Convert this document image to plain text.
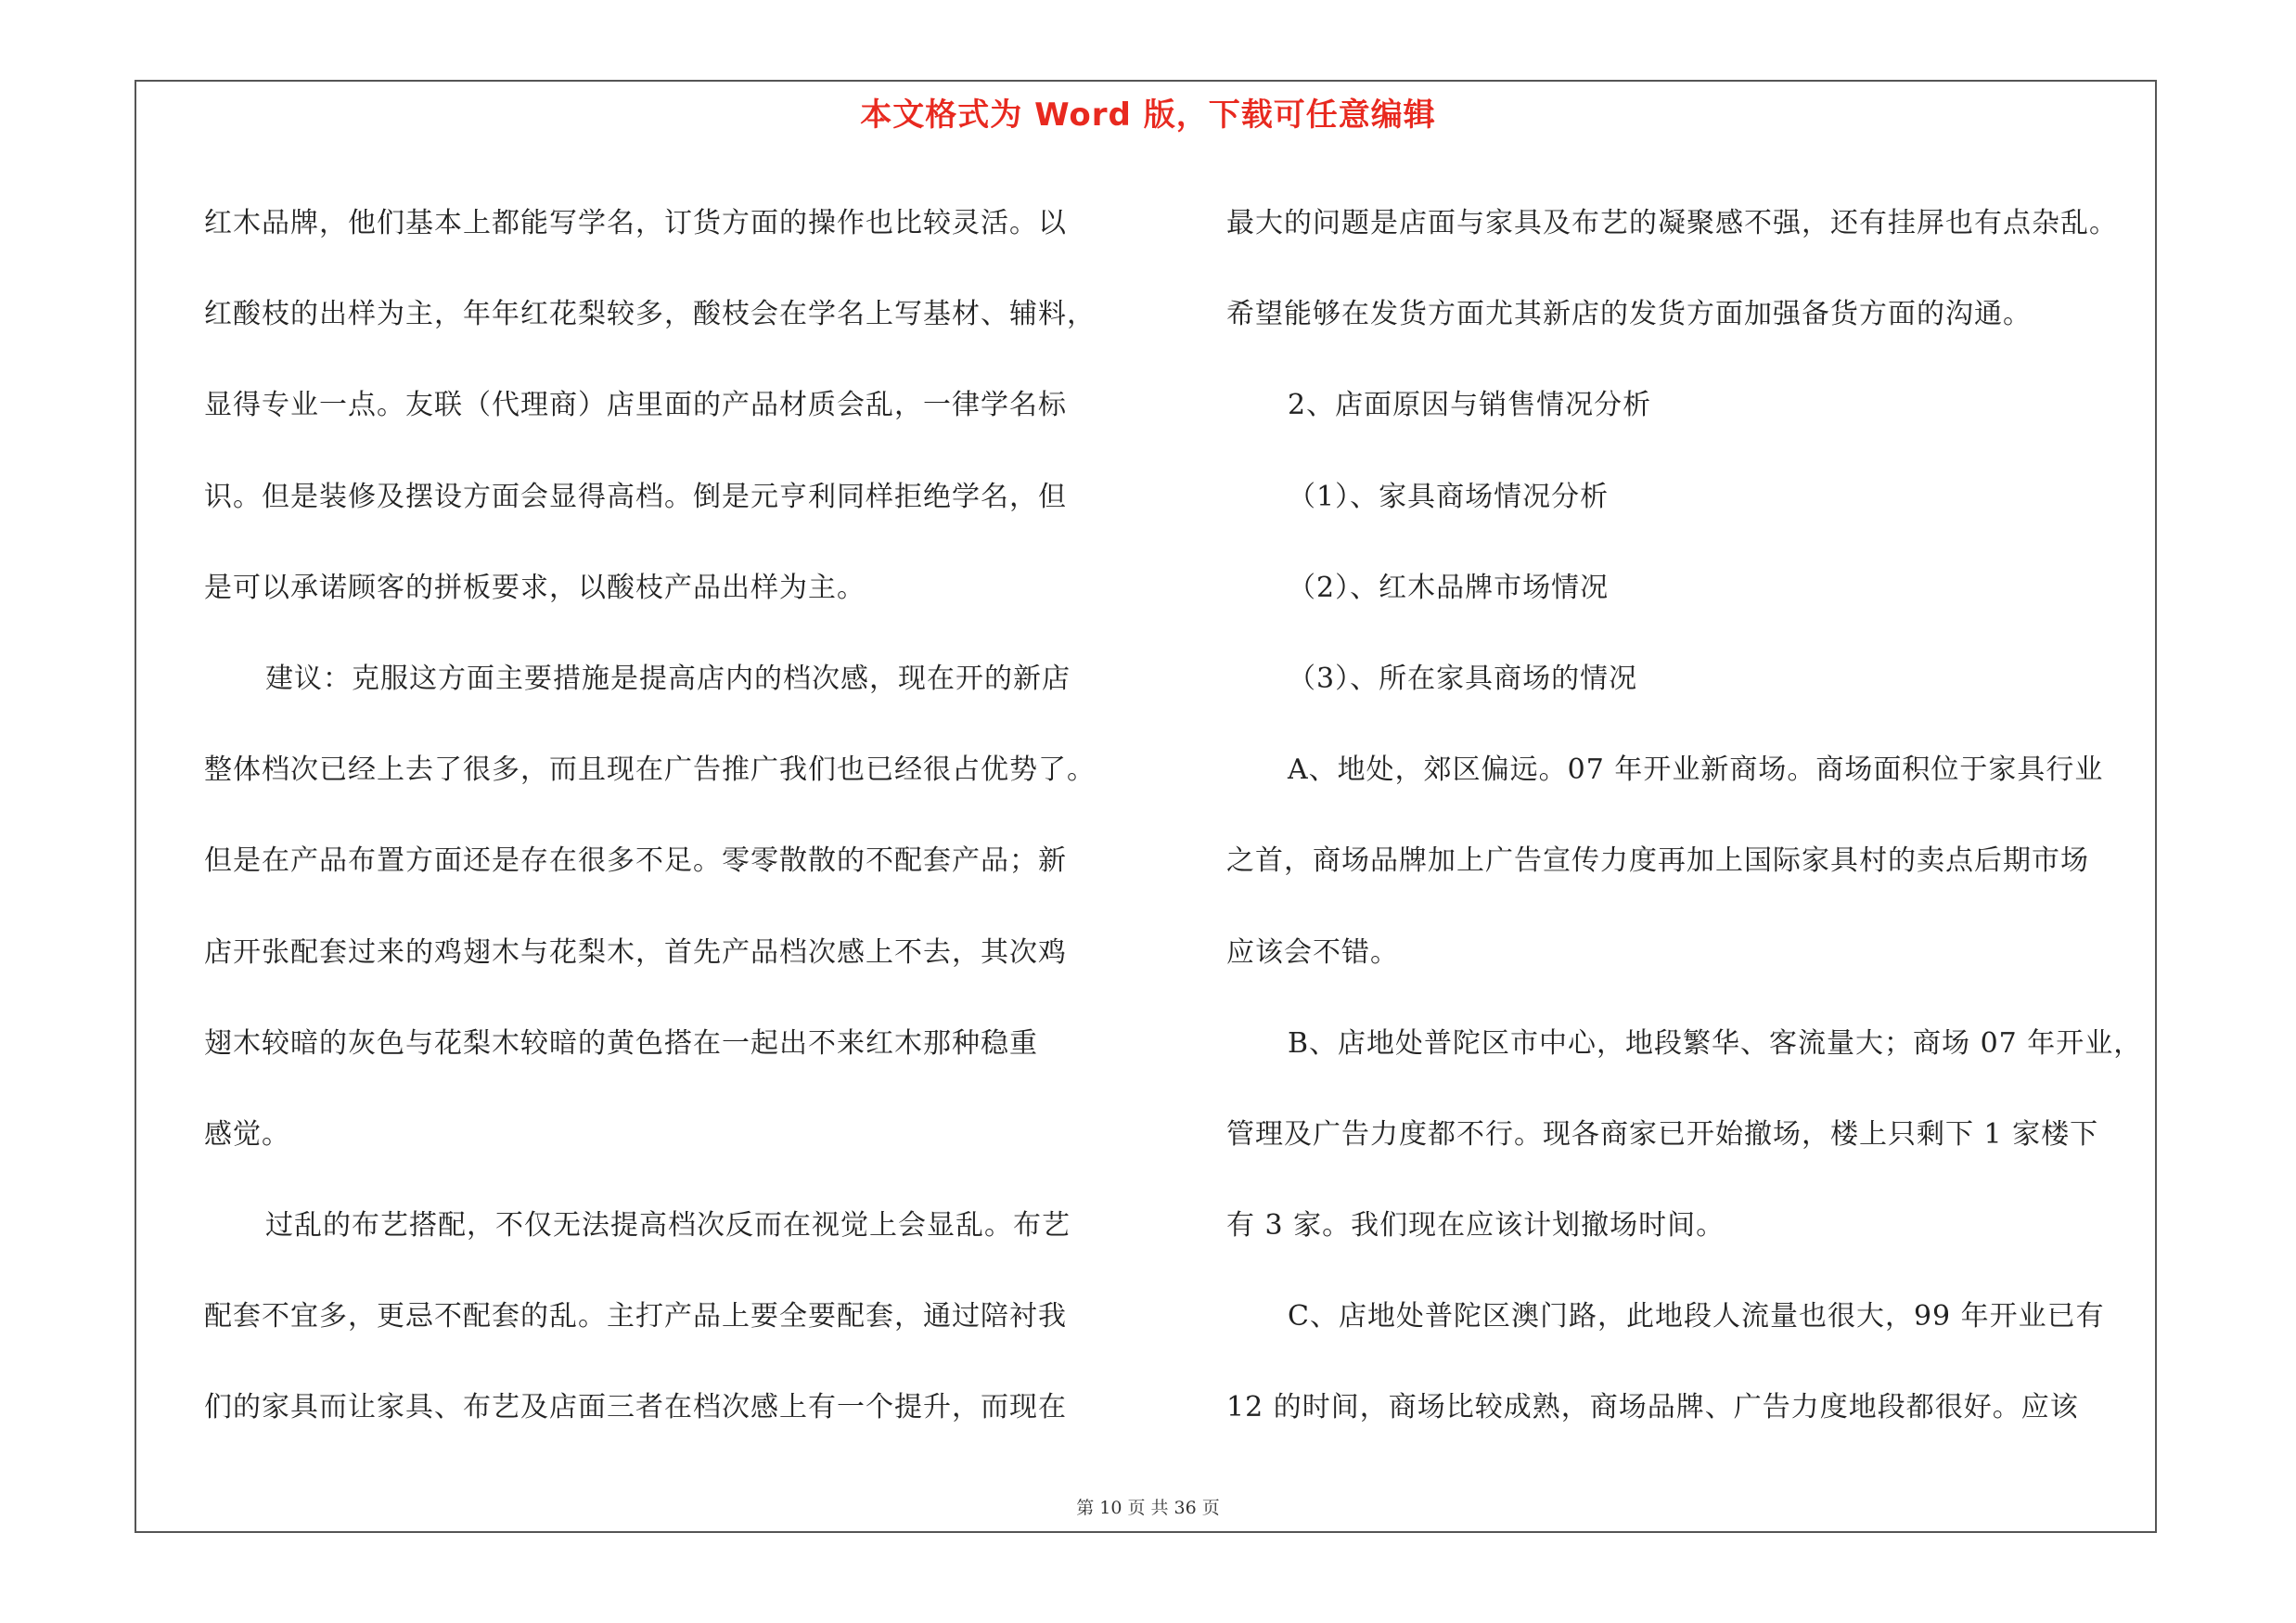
本文格式为 Word 版，下载可任意编辑
红木品牌，他们基本上都能写学名，订货方面的操作也比较灵活。以
红酸枝的出样为主，年年红花梨较多，酸枝会在学名上写基材、辅料，
显得专业一点。友联（代理商）店里面的产品材质会乱，一律学名标
识。但是装修及摆设方面会显得高档。倒是元亨利同样拒绝学名，但
是可以承诺顾客的拼板要求，以酸枝产品出样为主。
建议：克服这方面主要措施是提高店内的档次感，现在开的新店
整体档次已经上去了很多，而且现在广告推广我们也已经很占优势了。
但是在产品布置方面还是存在很多不足。零零散散的不配套产品；新
店开张配套过来的鸡翅木与花梨木，首先产品档次感上不去，其次鸡
翅木较暗的灰色与花梨木较暗的黄色搭在一起出不来红木那种稳重
感觉。
过乱的布艺搭配，不仅无法提高档次反而在视觉上会显乱。布艺
配套不宜多，更忌不配套的乱。主打产品上要全要配套，通过陪衬我
们的家具而让家具、布艺及店面三者在档次感上有一个提升，而现在
最大的问题是店面与家具及布艺的凝聚感不强，还有挂屏也有点杂乱。
希望能够在发货方面尤其新店的发货方面加强备货方面的沟通。
2、店面原因与销售情况分析
（1）、家具商场情况分析
（2）、红木品牌市场情况
（3）、所在家具商场的情况
A、地处，郊区偏远。07 年开业新商场。商场面积位于家具行业
之首，商场品牌加上广告宣传力度再加上国际家具村的卖点后期市场
应该会不错。
B、店地处普陀区市中心，地段繁华、客流量大；商场 07 年开业，
管理及广告力度都不行。现各商家已开始撤场，楼上只剩下 1 家楼下
有 3 家。我们现在应该计划撤场时间。
C、店地处普陀区澳门路，此地段人流量也很大，99 年开业已有
12 的时间，商场比较成熟，商场品牌、广告力度地段都很好。应该
第 10 页 共 36 页
